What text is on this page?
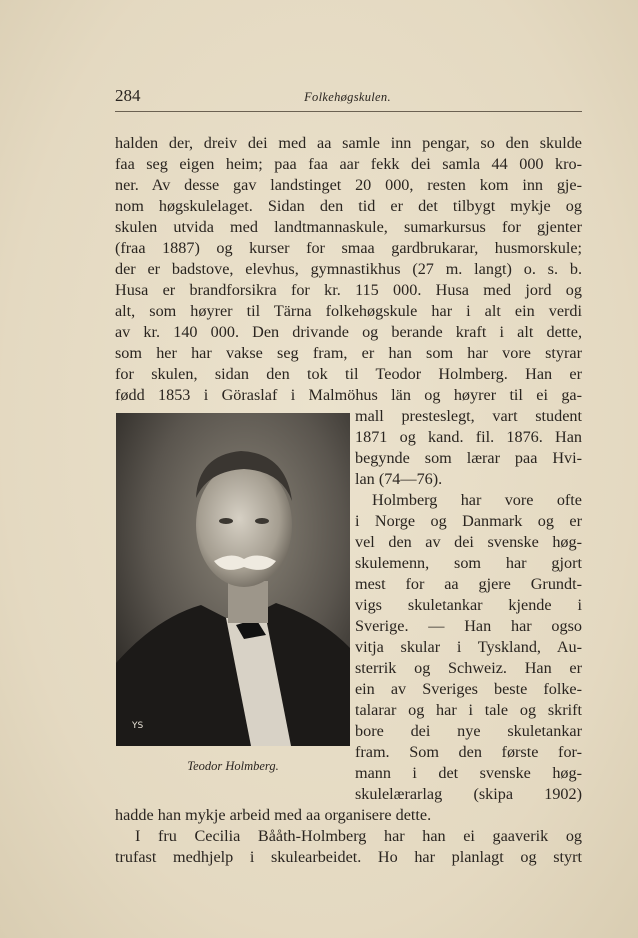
284	Folkehøgskulen.
halden der, dreiv dei med aa samle inn pengar, so den skulde
faa seg eigen heim; paa faa aar fekk dei samla 44 000 kro-
ner. Av desse gav landstinget 20 000, resten kom inn gje-
nom høgskulelaget. Sidan den tid er det tilbygt mykje og
skulen utvida med landtmannaskule, sumarkursus for gjenter
(fraa 1887) og kurser for smaa gardbrukarar, husmorskule;
der er badstove, elevhus, gymnastikhus (27 m. langt) o. s. b.
Husa er brandforsikra for kr. 115 000. Husa med jord og
alt, som høyrer til Tärna folkehøgskule har i alt ein verdi
av kr. 140 000. Den drivande og berande kraft i alt dette,
som her har vakse seg fram, er han som har vore styrar
for skulen, sidan den tok til Teodor Holmberg. Han er
fødd 1853 i Göraslaf i Malmöhus län og høyrer til ei ga-
mall presteslegt, vart student
1871 og kand. fil. 1876. Han
begynde som lærar paa Hvi-
lan (74—76).
Holmberg har vore ofte
i Norge og Danmark og er
vel den av dei svenske høg-
skulemenn, som har gjort
mest for aa gjere Grundt-
vigs skuletankar kjende i
Sverige. — Han har ogso
vitja skular i Tyskland, Au-
sterrik og Schweiz. Han er
ein av Sveriges beste folke-
talarar og har i tale og skrift
bore dei nye skuletankar
fram. Som den første for-
mann i det svenske høg-
skulelærarlag (skipa 1902)
hadde han mykje arbeid med aa organisere dette.
I fru Cecilia Bååth-Holmberg har han ei gaaverik og
trufast medhjelp i skulearbeidet. Ho har planlagt og styrt
YS
Teodor Holmberg.
